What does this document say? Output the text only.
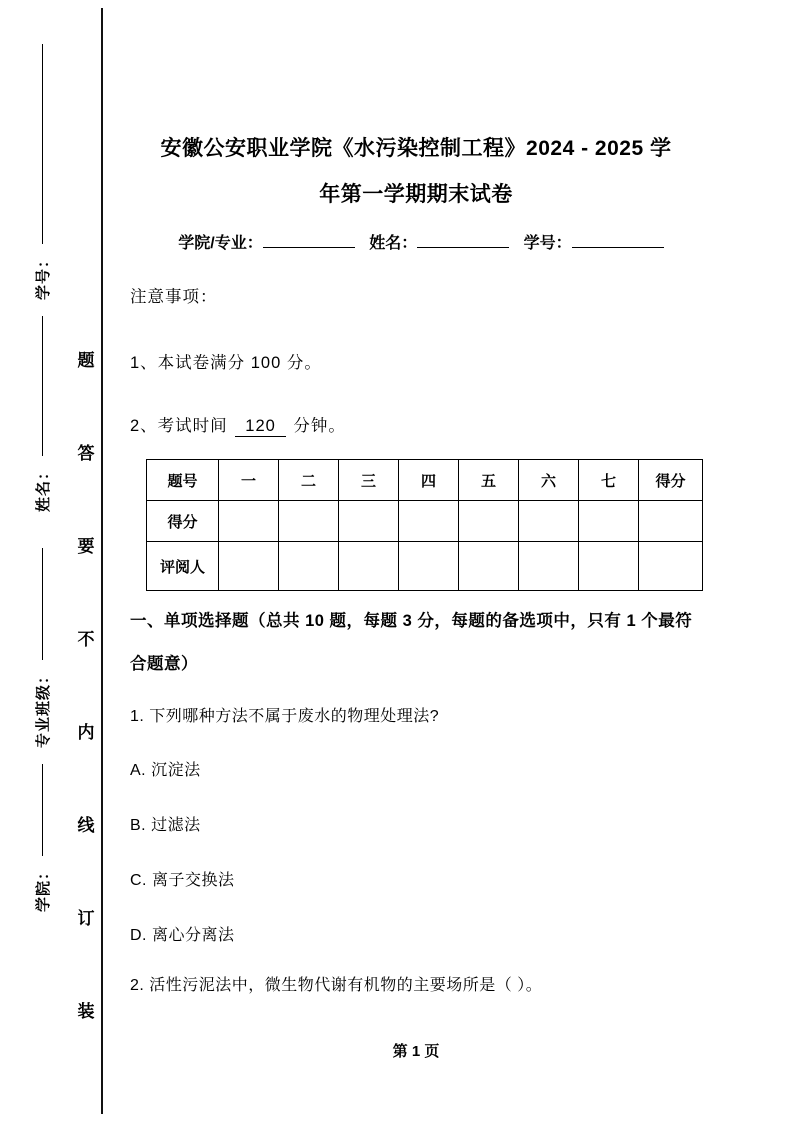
学号：
姓名：
专业班级：
学院：
题
答
要
不
内
线
订
装
安徽公安职业学院《水污染控制工程》2024 - 2025 学
年第一学期期末试卷
学院/专业：	姓名：	学号：
注意事项：
1、本试卷满分 100 分。
2、考试时间 120 分钟。
题号	一	二	三	四	五	六	七	得分
得分								
评阅人								
一、单项选择题（总共 10 题，每题 3 分，每题的备选项中，只有 1 个最符合题意）
1. 下列哪种方法不属于废水的物理处理法?
A. 沉淀法
B. 过滤法
C. 离子交换法
D. 离心分离法
2. 活性污泥法中，微生物代谢有机物的主要场所是（ ）。
第 1 页
